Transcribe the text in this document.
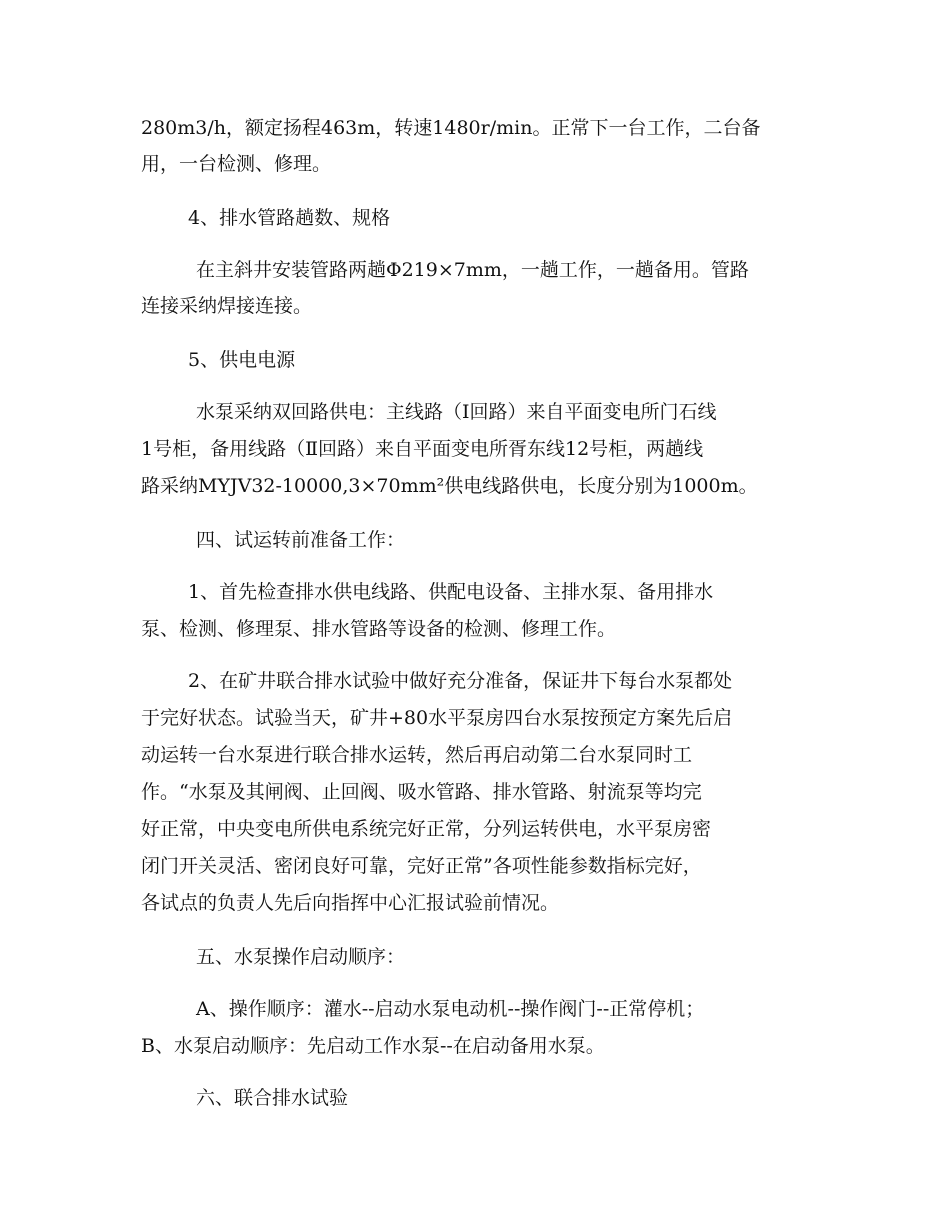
280m3/h，额定扬程463m，转速1480r/min。正常下一台工作，二台备
用，一台检测、修理。
4、排水管路趟数、规格
在主斜井安装管路两趟Φ219×7mm，一趟工作，一趟备用。管路
连接采纳焊接连接。
5、供电电源
水泵采纳双回路供电：主线路（Ⅰ回路）来自平面变电所门石线
1号柜，备用线路（Ⅱ回路）来自平面变电所胥东线12号柜，两趟线
路采纳MYJV32-10000,3×70mm²供电线路供电，长度分别为1000m。
四、试运转前准备工作：
1、首先检查排水供电线路、供配电设备、主排水泵、备用排水
泵、检测、修理泵、排水管路等设备的检测、修理工作。
2、在矿井联合排水试验中做好充分准备，保证井下每台水泵都处
于完好状态。试验当天，矿井+80水平泵房四台水泵按预定方案先后启
动运转一台水泵进行联合排水运转，然后再启动第二台水泵同时工
作。“水泵及其闸阀、止回阀、吸水管路、排水管路、射流泵等均完
好正常，中央变电所供电系统完好正常，分列运转供电，水平泵房密
闭门开关灵活、密闭良好可靠，完好正常”各项性能参数指标完好，
各试点的负责人先后向指挥中心汇报试验前情况。
五、水泵操作启动顺序：
A、操作顺序：灌水--启动水泵电动机--操作阀门--正常停机；
B、水泵启动顺序：先启动工作水泵--在启动备用水泵。
六、联合排水试验
